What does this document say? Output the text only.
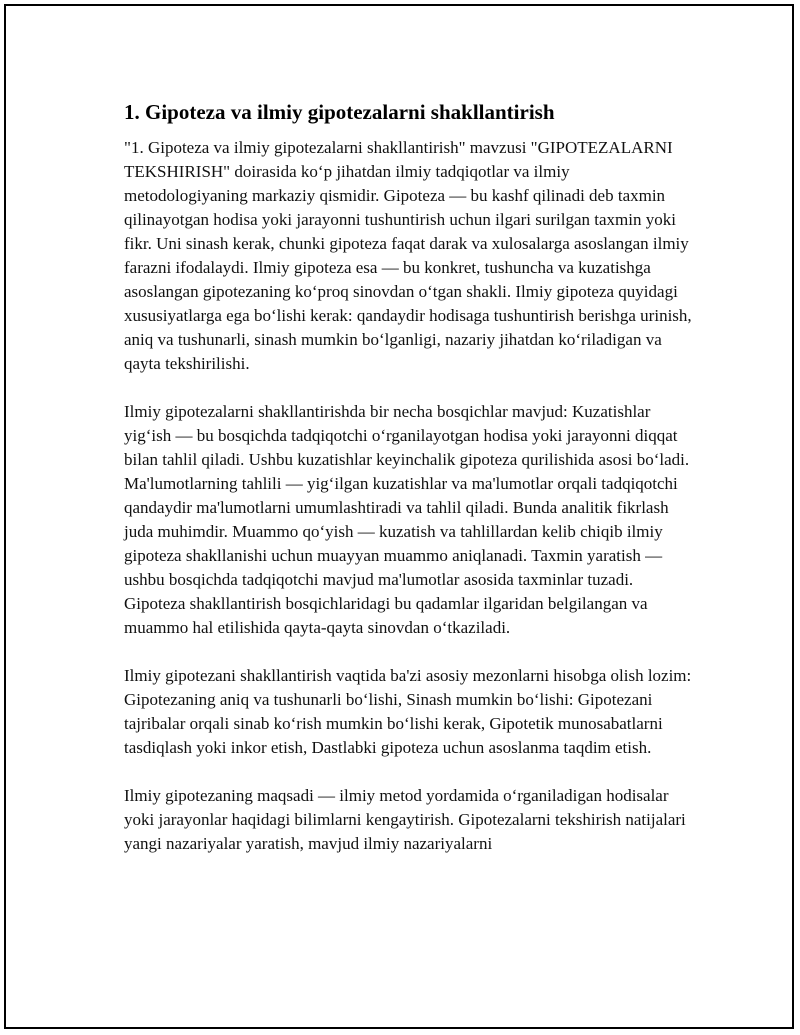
1. Gipoteza va ilmiy gipotezalarni shakllantirish

"1. Gipoteza va ilmiy gipotezalarni shakllantirish" mavzusi "GIPOTEZALARNI TEKSHIRISH" doirasida koʻp jihatdan ilmiy tadqiqotlar va ilmiy metodologiyaning markaziy qismidir. Gipoteza — bu kashf qilinadi deb taxmin qilinayotgan hodisa yoki jarayonni tushuntirish uchun ilgari surilgan taxmin yoki fikr. Uni sinash kerak, chunki gipoteza faqat darak va xulosalarga asoslangan ilmiy farazni ifodalaydi. Ilmiy gipoteza esa — bu konkret, tushuncha va kuzatishga asoslangan gipotezaning koʻproq sinovdan oʻtgan shakli. Ilmiy gipoteza quyidagi xususiyatlarga ega boʻlishi kerak: qandaydir hodisaga tushuntirish berishga urinish, aniq va tushunarli, sinash mumkin boʻlganligi, nazariy jihatdan koʻriladigan va qayta tekshirilishi.

Ilmiy gipotezalarni shakllantirishda bir necha bosqichlar mavjud: Kuzatishlar yigʻish — bu bosqichda tadqiqotchi oʻrganilayotgan hodisa yoki jarayonni diqqat bilan tahlil qiladi. Ushbu kuzatishlar keyinchalik gipoteza qurilishida asosi boʻladi. Ma'lumotlarning tahlili — yigʻilgan kuzatishlar va ma'lumotlar orqali tadqiqotchi qandaydir ma'lumotlarni umumlashtiradi va tahlil qiladi. Bunda analitik fikrlash juda muhimdir. Muammo qoʻyish — kuzatish va tahlillardan kelib chiqib ilmiy gipoteza shakllanishi uchun muayyan muammo aniqlanadi. Taxmin yaratish — ushbu bosqichda tadqiqotchi mavjud ma'lumotlar asosida taxminlar tuzadi. Gipoteza shakllantirish bosqichlaridagi bu qadamlar ilgaridan belgilangan va muammo hal etilishida qayta-qayta sinovdan oʻtkaziladi.

Ilmiy gipotezani shakllantirish vaqtida ba'zi asosiy mezonlarni hisobga olish lozim: Gipotezaning aniq va tushunarli boʻlishi, Sinash mumkin boʻlishi: Gipotezani tajribalar orqali sinab koʻrish mumkin boʻlishi kerak, Gipotetik munosabatlarni tasdiqlash yoki inkor etish, Dastlabki gipoteza uchun asoslanma taqdim etish.

Ilmiy gipotezaning maqsadi — ilmiy metod yordamida oʻrganiladigan hodisalar yoki jarayonlar haqidagi bilimlarni kengaytirish. Gipotezalarni tekshirish natijalari yangi nazariyalar yaratish, mavjud ilmiy nazariyalarni
